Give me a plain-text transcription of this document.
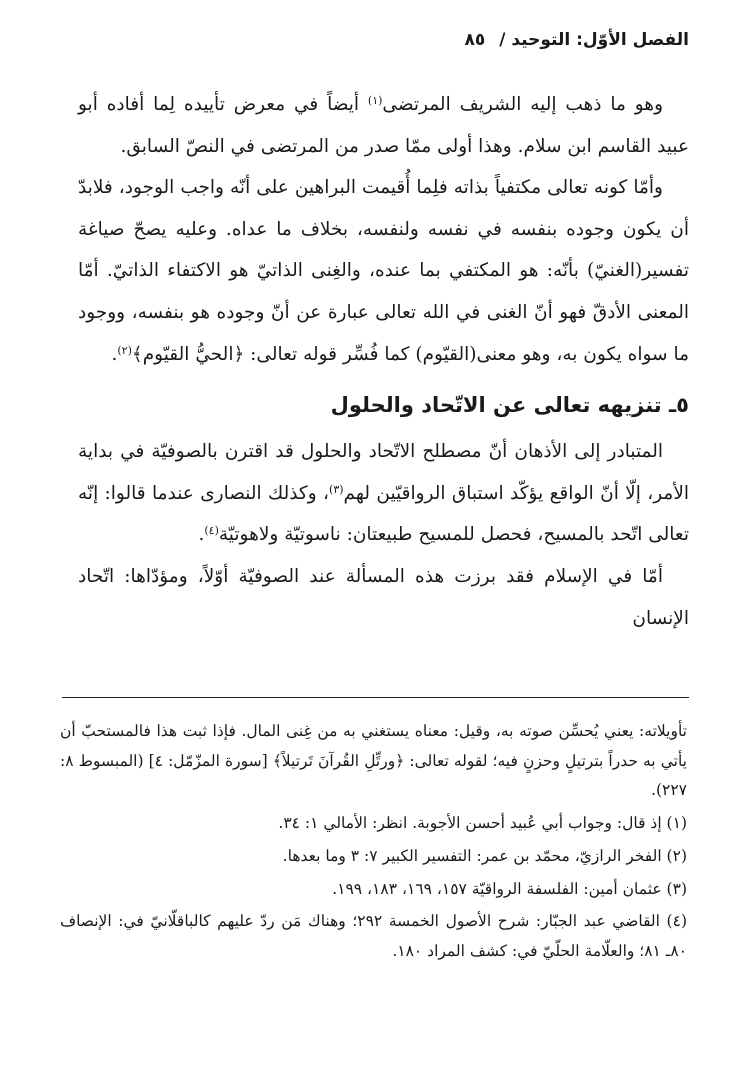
الفصل الأوّل: التوحيد / ٨٥

وهو ما ذهب إليه الشريف المرتضى$^{(١)}$ أيضاً في معرض تأييده لِما أفاده أبو عبيد القاسم ابن سلام. وهذا أولى ممّا صدر من المرتضى في النصّ السابق.

وأمّا كونه تعالى مكتفياً بذاته فلِما أُقيمت البراهين على أنّه واجب الوجود، فلابدّ أن يكون وجوده بنفسه في نفسه ولنفسه، بخلاف ما عداه. وعليه يصحّ صياغة تفسير(الغنيّ) بأنّه: هو المكتفي بما عنده، والغِنى الذاتيّ هو الاكتفاء الذاتيّ. أمّا المعنى الأدقّ فهو أنّ الغنى في الله تعالى عبارة عن أنّ وجوده هو بنفسه، ووجود ما سواه يكون به، وهو معنى(القيّوم) كما فُسِّر قوله تعالى: ﴿الحيُّ القيّوم﴾$^{(٢)}$.

٥ـ تنزيهه تعالى عن الاتّحاد والحلول

المتبادر إلى الأذهان أنّ مصطلح الاتّحاد والحلول قد اقترن بالصوفيّة في بداية الأمر، إلّا أنّ الواقع يؤكّد استباق الرواقيّين لهم$^{(٣)}$، وكذلك النصارى عندما قالوا: إنّه تعالى اتّحد بالمسيح، فحصل للمسيح طبيعتان: ناسوتيّة ولاهوتيّة$^{(٤)}$.

أمّا في الإسلام فقد برزت هذه المسألة عند الصوفيّة أوّلاً، ومؤدّاها: اتّحاد الإنسان

تأويلاته: يعني يُحسِّن صوته به، وقيل: معناه يستغني به من غِنى المال. فإذا ثبت هذا فالمستحبّ أن يأتي به حدراً بترتيلٍ وحزنٍ فيه؛ لقوله تعالى: ﴿ورتِّلِ القُرآنَ تَرتيلاً﴾ [سورة المزّمّل: ٤] (المبسوط ٨: ٢٢٧).

(١) إذ قال: وجواب أبي عُبيد أحسن الأجوبة. انظر: الأمالي ١: ٣٤.

(٢) الفخر الرازيّ، محمّد بن عمر: التفسير الكبير ٧: ٣ وما بعدها.

(٣) عثمان أمين: الفلسفة الرواقيّة ١٥٧، ١٦٩، ١٨٣، ١٩٩.

(٤) القاضي عبد الجبّار: شرح الأصول الخمسة ٢٩٢؛ وهناك مَن ردّ عليهم كالباقلّانيّ في: الإنصاف ٨٠ـ ٨١؛ والعلّامة الحلّيّ في: كشف المراد ١٨٠.
